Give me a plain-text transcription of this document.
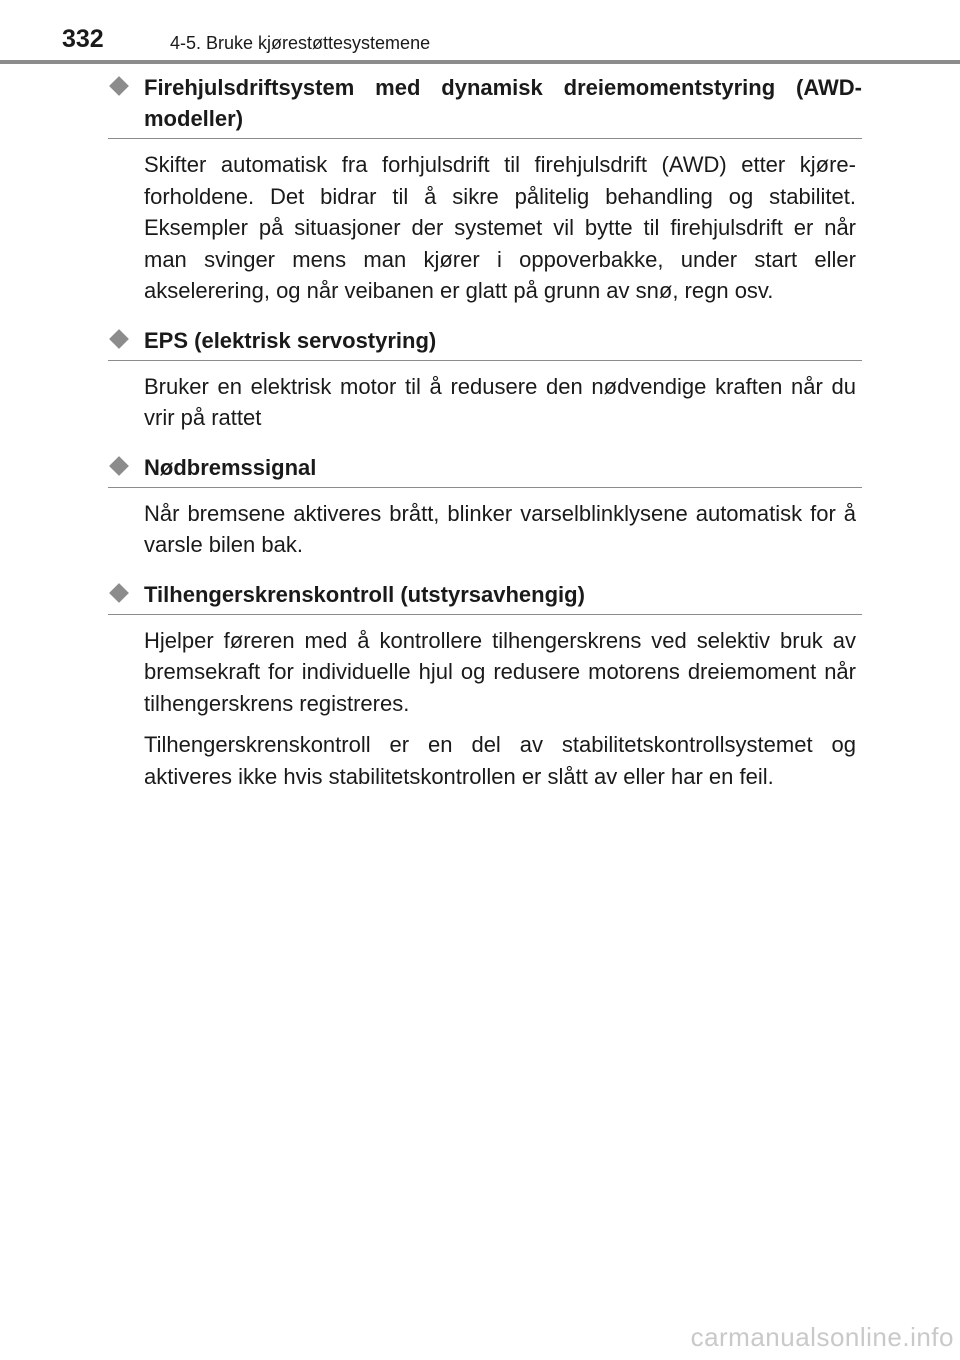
332	4-5. Bruke kjørestøttesystemene

Firehjulsdriftsystem med dynamisk dreiemomentstyring (AWD-modeller)

Skifter automatisk fra forhjulsdrift til firehjulsdrift (AWD) etter kjøreforholdene. Det bidrar til å sikre pålitelig behandling og stabilitet. Eksempler på situasjoner der systemet vil bytte til firehjulsdrift er når man svinger mens man kjører i oppoverbakke, under start eller akselerering, og når veibanen er glatt på grunn av snø, regn osv.

EPS (elektrisk servostyring)

Bruker en elektrisk motor til å redusere den nødvendige kraften når du vrir på rattet

Nødbremssignal

Når bremsene aktiveres brått, blinker varselblinklysene automatisk for å varsle bilen bak.

Tilhengerskrenskontroll (utstyrsavhengig)

Hjelper føreren med å kontrollere tilhengerskrens ved selektiv bruk av bremsekraft for individuelle hjul og redusere motorens dreiemoment når tilhengerskrens registreres.

Tilhengerskrenskontroll er en del av stabilitetskontrollsystemet og aktiveres ikke hvis stabilitetskontrollen er slått av eller har en feil.

carmanualsonline.info
